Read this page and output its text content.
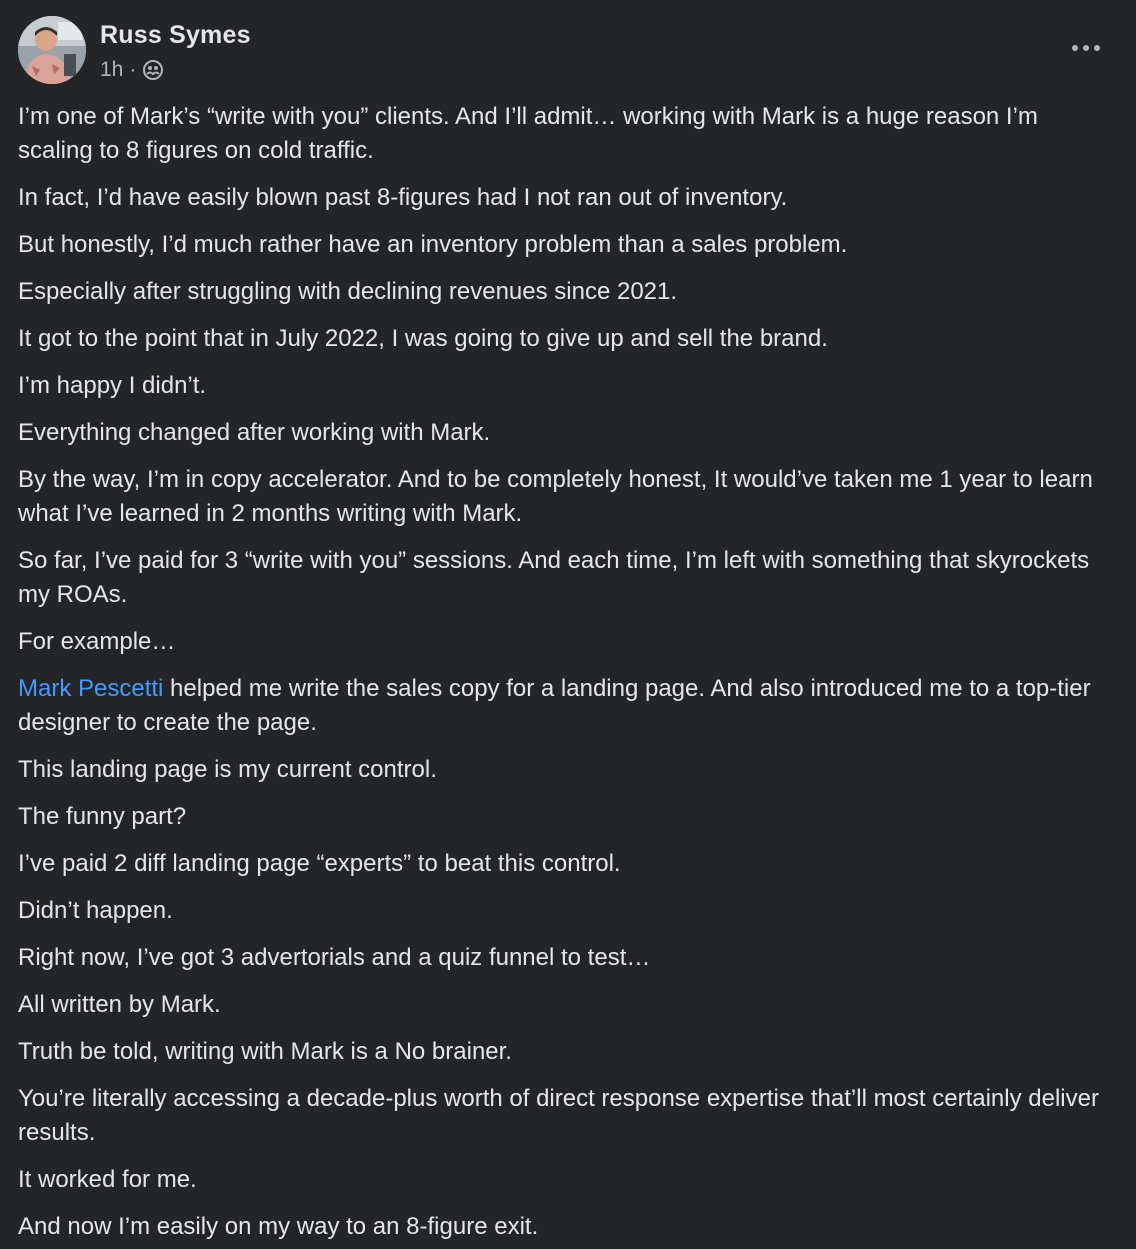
Russ Symes
1h ·

I’m one of Mark’s “write with you” clients. And I’ll admit… working with Mark is a huge reason I’m scaling to 8 figures on cold traffic.

In fact, I’d have easily blown past 8-figures had I not ran out of inventory.

But honestly, I’d much rather have an inventory problem than a sales problem.

Especially after struggling with declining revenues since 2021.

It got to the point that in July 2022, I was going to give up and sell the brand.

I’m happy I didn’t.

Everything changed after working with Mark.

By the way, I’m in copy accelerator. And to be completely honest, It would’ve taken me 1 year to learn what I’ve learned in 2 months writing with Mark.

So far, I’ve paid for 3 “write with you” sessions. And each time, I’m left with something that skyrockets my ROAs.

For example…

Mark Pescetti helped me write the sales copy for a landing page. And also introduced me to a top-tier designer to create the page.

This landing page is my current control.

The funny part?

I’ve paid 2 diff landing page “experts” to beat this control.

Didn’t happen.

Right now, I’ve got 3 advertorials and a quiz funnel to test…

All written by Mark.

Truth be told, writing with Mark is a No brainer.

You’re literally accessing a decade-plus worth of direct response expertise that’ll most certainly deliver results.

It worked for me.

And now I’m easily on my way to an 8-figure exit.
